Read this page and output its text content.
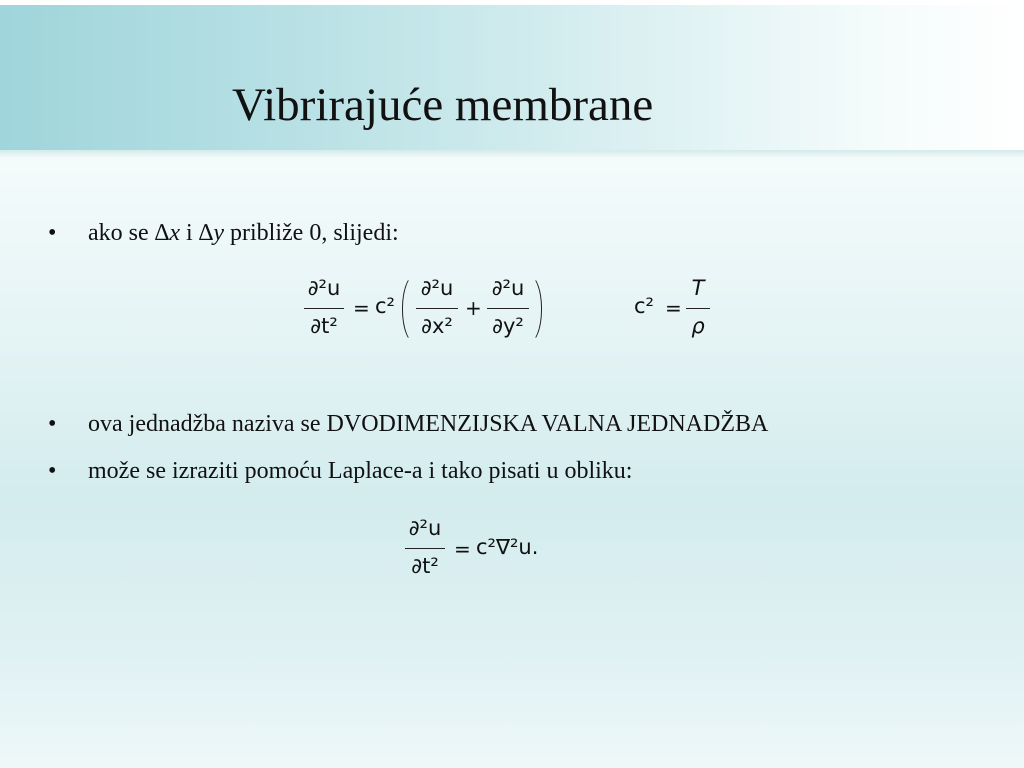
Vibrirajuće membrane
• ako se ∆x i ∆y približe 0, slijedi:
∂²u
∂t²
= c²
∂²u
∂x²
+
∂²u
∂y²
c² =
T
ρ
• ova jednadžba naziva se DVODIMENZIJSKA VALNA JEDNADŽBA
• može se izraziti pomoću Laplace-a i tako pisati u obliku:
∂²u
∂t²
= c²∇²u.
